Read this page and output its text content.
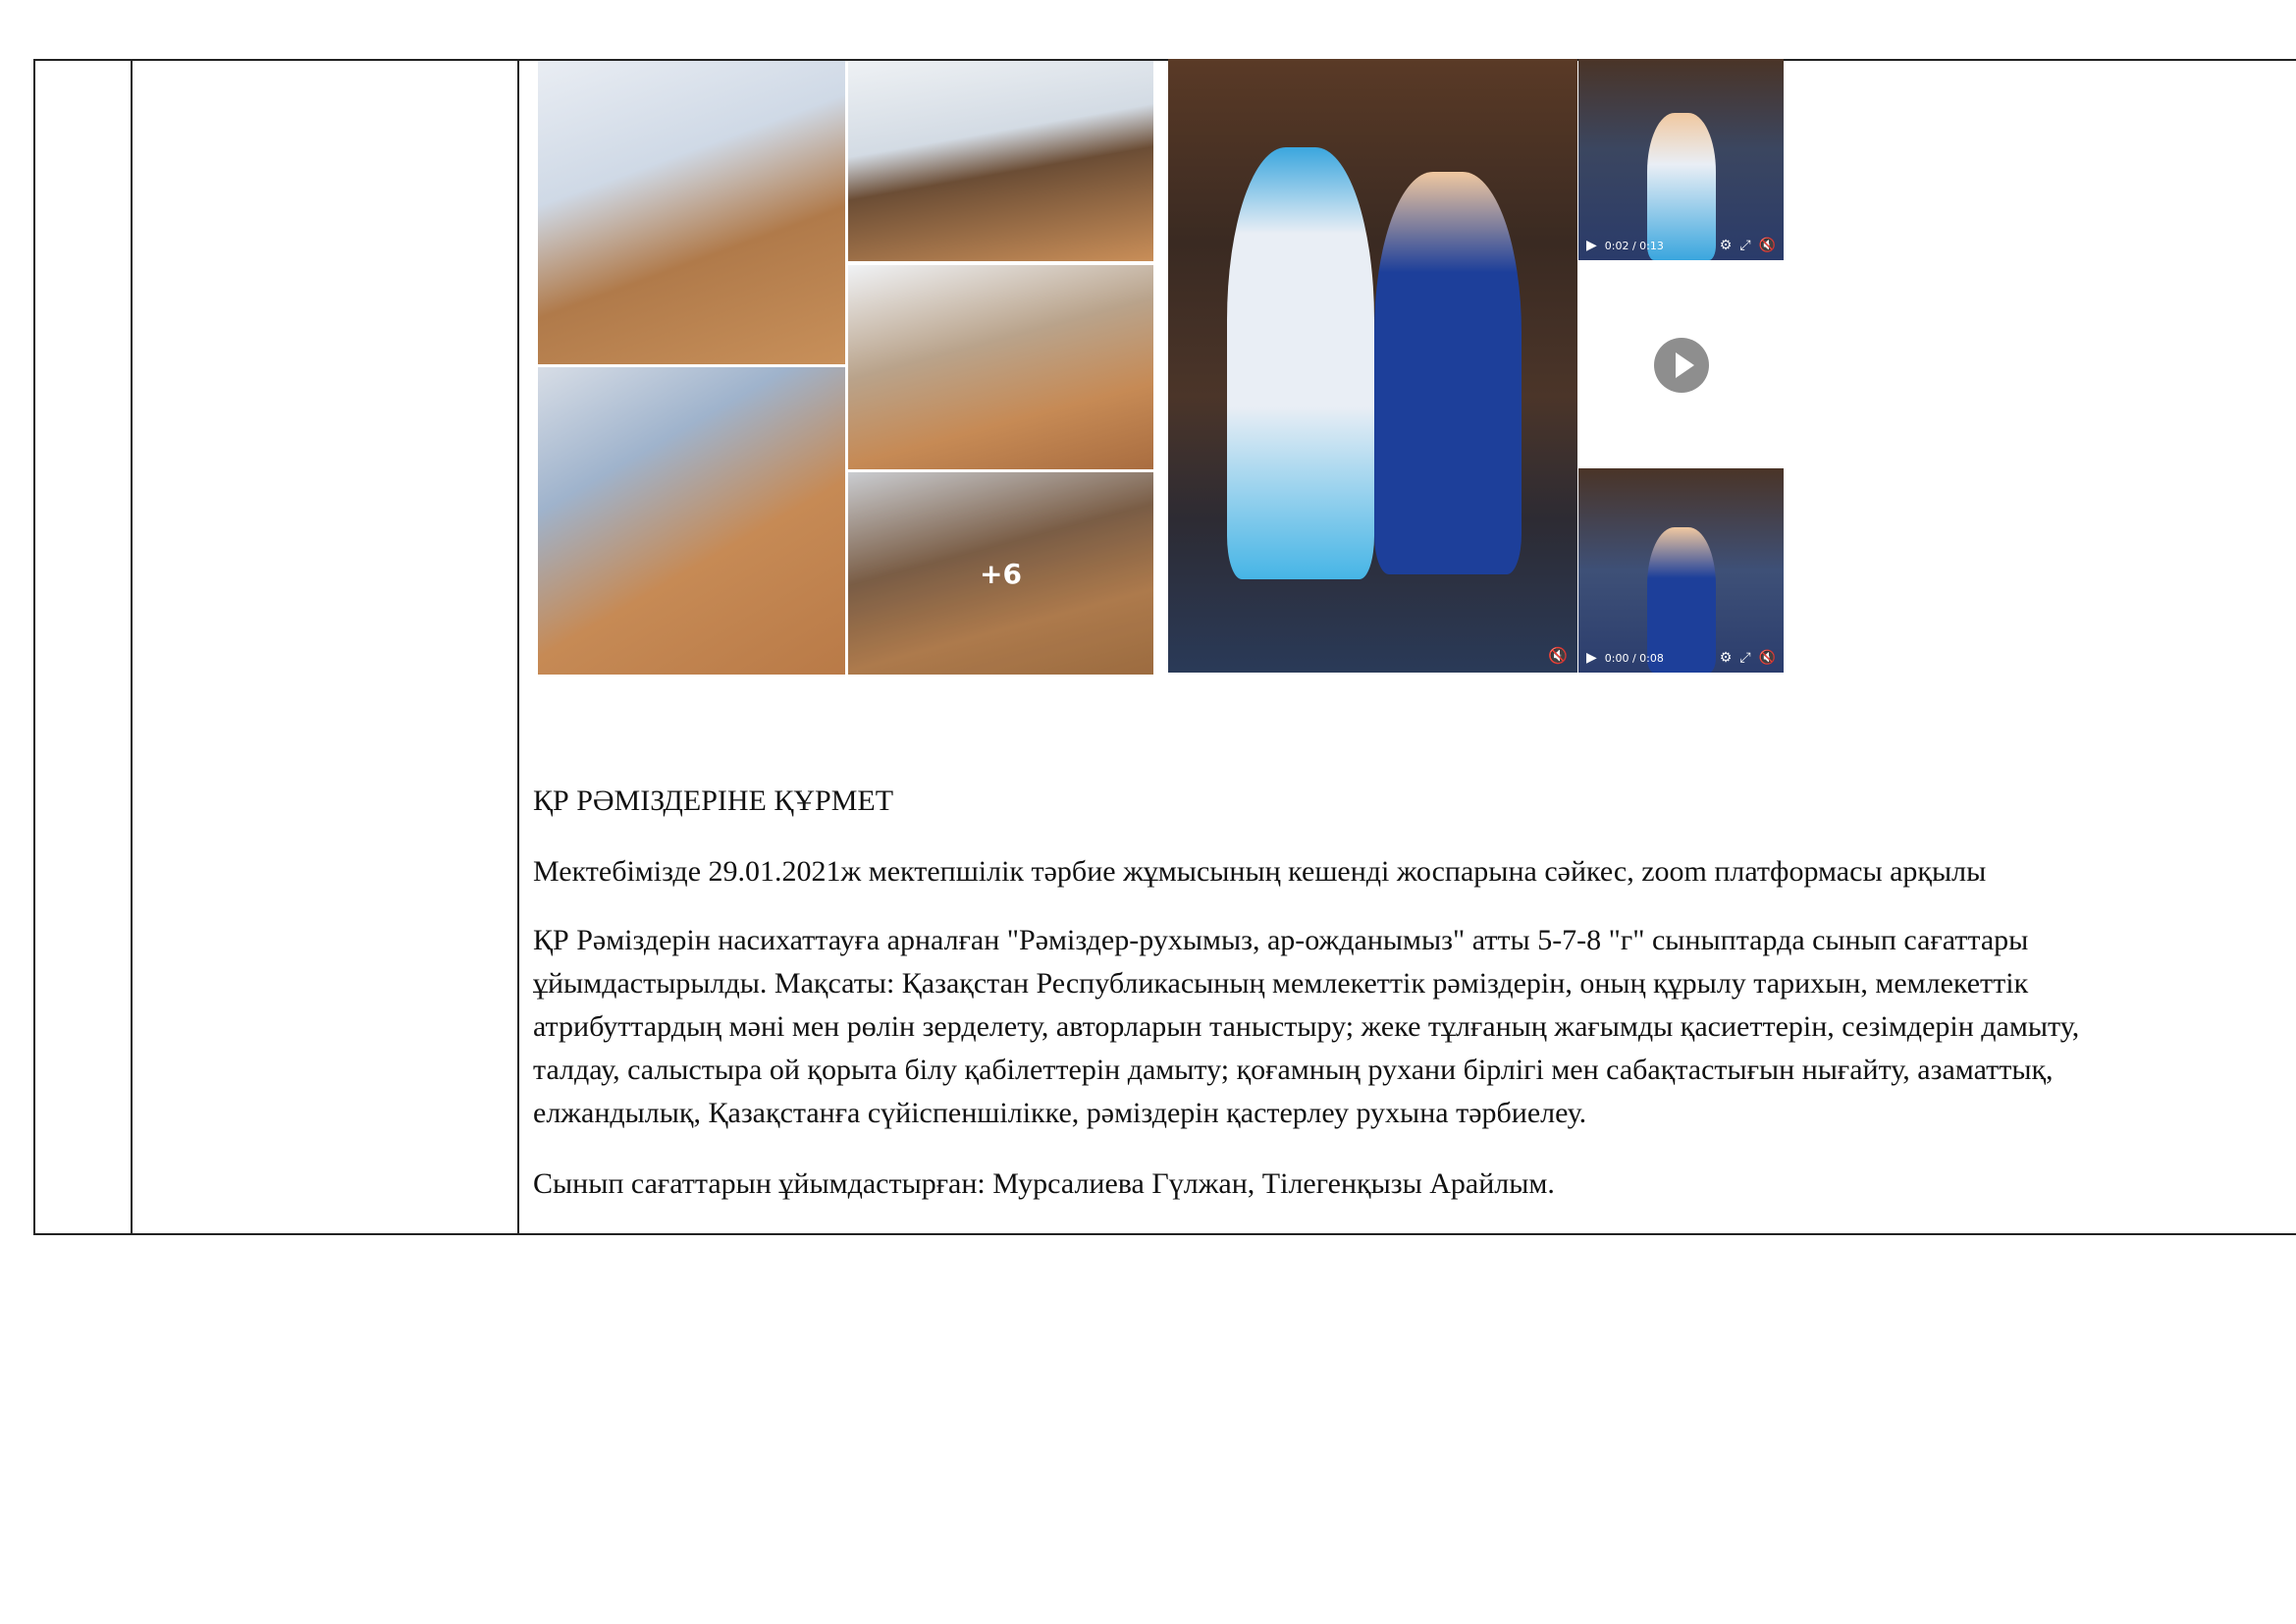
+6
🔇
▶ 0:02 / 0:13	⚙ ⤢ 🔇
▶ 0:00 / 0:08	⚙ ⤢ 🔇
ҚР РӘМІЗДЕРІНЕ ҚҰРМЕТ
Мектебімізде 29.01.2021ж мектепшілік тәрбие жұмысының кешенді жоспарына сәйкес, zoom платформасы арқылы

ҚР Рәміздерін насихаттауға арналған "Рәміздер-рухымыз, ар-ожданымыз" атты 5-7-8 "г" сыныптарда сынып сағаттары

ұйымдастырылды. Мақсаты: Қазақстан Республикасының мемлекеттік рәміздерін, оның құрылу тарихын, мемлекеттік

атрибуттардың мәні мен рөлін зерделету, авторларын таныстыру; жеке тұлғаның жағымды қасиеттерін, сезімдерін дамыту,

талдау, салыстыра ой қорыта білу қабілеттерін дамыту; қоғамның рухани бірлігі мен сабақтастығын нығайту, азаматтық,

елжандылық, Қазақстанға сүйіспеншілікке, рәміздерін қастерлеу рухына тәрбиелеу.

Сынып сағаттарын ұйымдастырған: Мурсалиева Гүлжан, Тілегенқызы Арайлым.
